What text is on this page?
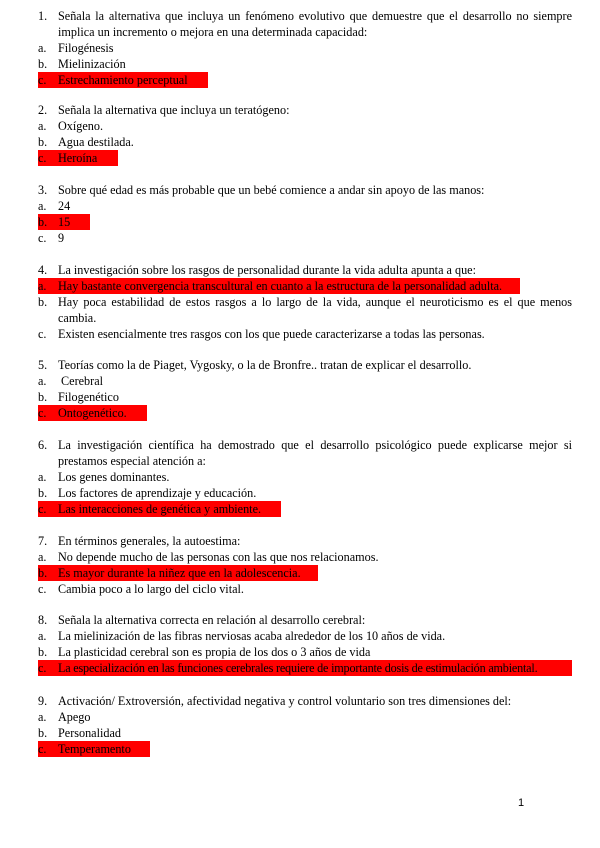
1. Señala la alternativa que incluya un fenómeno evolutivo que demuestre que el desarrollo no siempre implica un incremento o mejora en una determinada capacidad:
a. Filogénesis
b. Mielinización
c. Estrechamiento perceptual
2. Señala la alternativa que incluya un teratógeno:
a. Oxígeno.
b. Agua destilada.
c. Heroína
3. Sobre qué edad es más probable que un bebé comience a andar sin apoyo de las manos:
a. 24
b. 15
c. 9
4. La investigación sobre los rasgos de personalidad durante la vida adulta apunta a que:
a. Hay bastante convergencia transcultural en cuanto a la estructura de la personalidad adulta.
b. Hay poca estabilidad de estos rasgos a lo largo de la vida, aunque el neuroticismo es el que menos cambia.
c. Existen esencialmente tres rasgos con los que puede caracterizarse a todas las personas.
5. Teorías como la de Piaget, Vygosky, o la de Bronfre.. tratan de explicar el desarrollo.
a. Cerebral
b. Filogenético
c. Ontogenético.
6. La investigación científica ha demostrado que el desarrollo psicológico puede explicarse mejor si prestamos especial atención a:
a. Los genes dominantes.
b. Los factores de aprendizaje y educación.
c. Las interacciones de genética y ambiente.
7. En términos generales, la autoestima:
a. No depende mucho de las personas con las que nos relacionamos.
b. Es mayor durante la niñez que en la adolescencia.
c. Cambia poco a lo largo del ciclo vital.
8. Señala la alternativa correcta en relación al desarrollo cerebral:
a. La mielinización de las fibras nerviosas acaba alrededor de los 10 años de vida.
b. La plasticidad cerebral son es propia de los dos o 3 años de vida
c. La especialización en las funciones cerebrales requiere de importante dosis de estimulación ambiental.
9. Activación/ Extroversión, afectividad negativa y control voluntario son tres dimensiones del:
a. Apego
b. Personalidad
c. Temperamento
1
